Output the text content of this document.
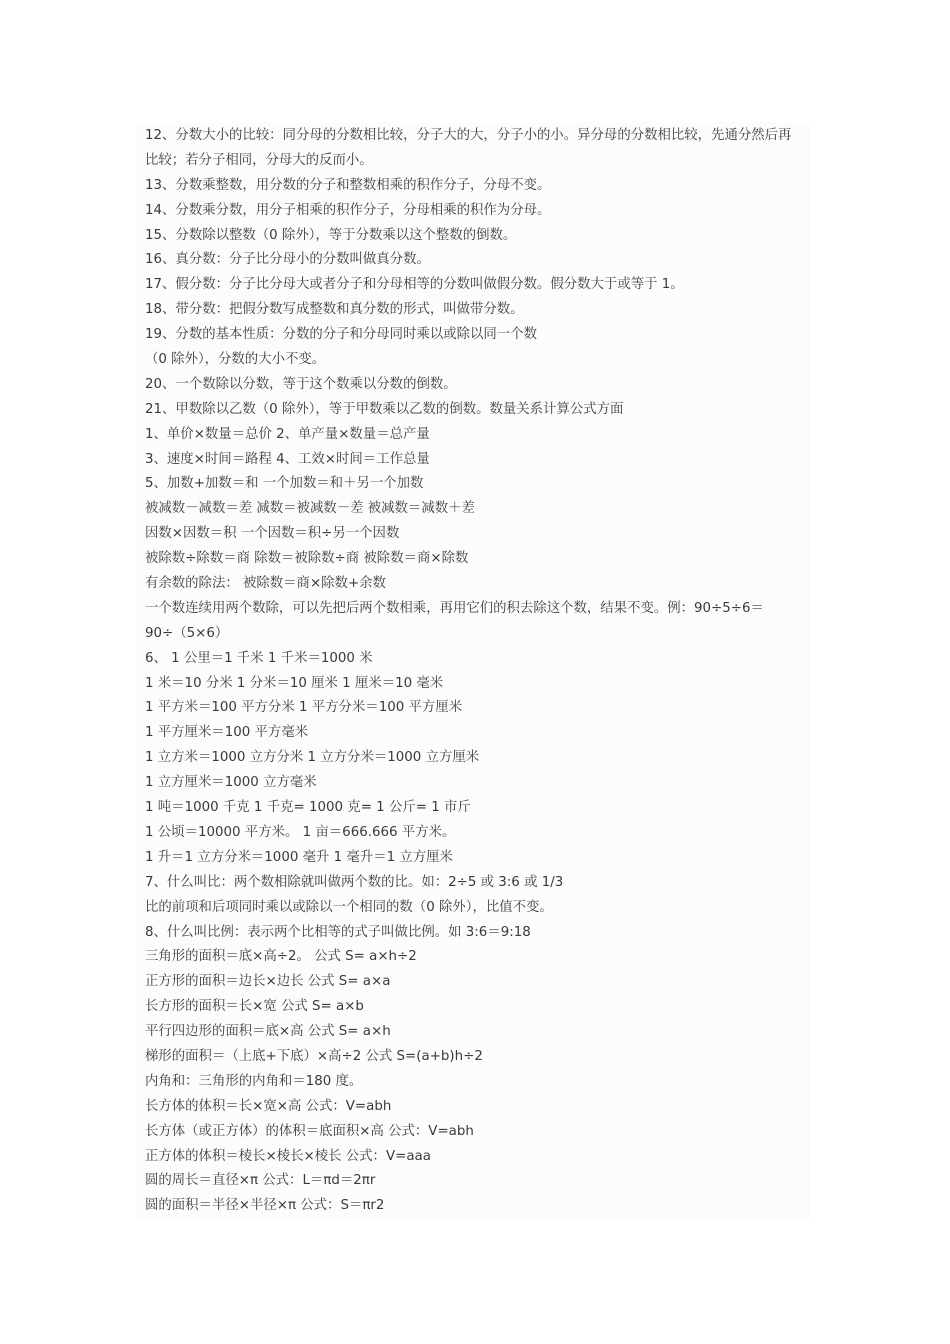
12、分数大小的比较：同分母的分数相比较，分子大的大，分子小的小。异分母的分数相比较，先通分然后再
比较；若分子相同，分母大的反而小。
13、分数乘整数，用分数的分子和整数相乘的积作分子，分母不变。
14、分数乘分数，用分子相乘的积作分子，分母相乘的积作为分母。
15、分数除以整数（0 除外），等于分数乘以这个整数的倒数。
16、真分数：分子比分母小的分数叫做真分数。
17、假分数：分子比分母大或者分子和分母相等的分数叫做假分数。假分数大于或等于 1。
18、带分数：把假分数写成整数和真分数的形式，叫做带分数。
19、分数的基本性质：分数的分子和分母同时乘以或除以同一个数
（0 除外），分数的大小不变。
20、一个数除以分数，等于这个数乘以分数的倒数。
21、甲数除以乙数（0 除外），等于甲数乘以乙数的倒数。数量关系计算公式方面
1、单价×数量＝总价 2、单产量×数量＝总产量
3、速度×时间＝路程 4、工效×时间＝工作总量
5、加数+加数＝和 一个加数＝和＋另一个加数
被减数－减数＝差 减数＝被减数－差 被减数＝减数＋差
因数×因数＝积 一个因数＝积÷另一个因数
被除数÷除数＝商 除数＝被除数÷商 被除数＝商×除数
有余数的除法： 被除数＝商×除数+余数
一个数连续用两个数除，可以先把后两个数相乘，再用它们的积去除这个数，结果不变。例：90÷5÷6＝
90÷（5×6）
6、 1 公里＝1 千米 1 千米＝1000 米
1 米＝10 分米 1 分米＝10 厘米 1 厘米＝10 毫米
1 平方米＝100 平方分米 1 平方分米＝100 平方厘米
1 平方厘米＝100 平方毫米
1 立方米＝1000 立方分米 1 立方分米＝1000 立方厘米
1 立方厘米＝1000 立方毫米
1 吨＝1000 千克 1 千克= 1000 克= 1 公斤= 1 市斤
1 公顷＝10000 平方米。 1 亩＝666.666 平方米。
1 升＝1 立方分米＝1000 毫升 1 毫升＝1 立方厘米
7、什么叫比：两个数相除就叫做两个数的比。如：2÷5 或 3:6 或 1/3
比的前项和后项同时乘以或除以一个相同的数（0 除外），比值不变。
8、什么叫比例：表示两个比相等的式子叫做比例。如 3:6＝9:18
三角形的面积＝底×高÷2。 公式 S= a×h÷2
正方形的面积＝边长×边长 公式 S= a×a
长方形的面积＝长×宽 公式 S= a×b
平行四边形的面积＝底×高 公式 S= a×h
梯形的面积＝（上底+下底）×高÷2 公式 S=(a+b)h÷2
内角和：三角形的内角和＝180 度。
长方体的体积＝长×宽×高 公式：V=abh
长方体（或正方体）的体积＝底面积×高 公式：V=abh
正方体的体积＝棱长×棱长×棱长 公式：V=aaa
圆的周长＝直径×π 公式：L＝πd＝2πr
圆的面积＝半径×半径×π 公式：S＝πr2
